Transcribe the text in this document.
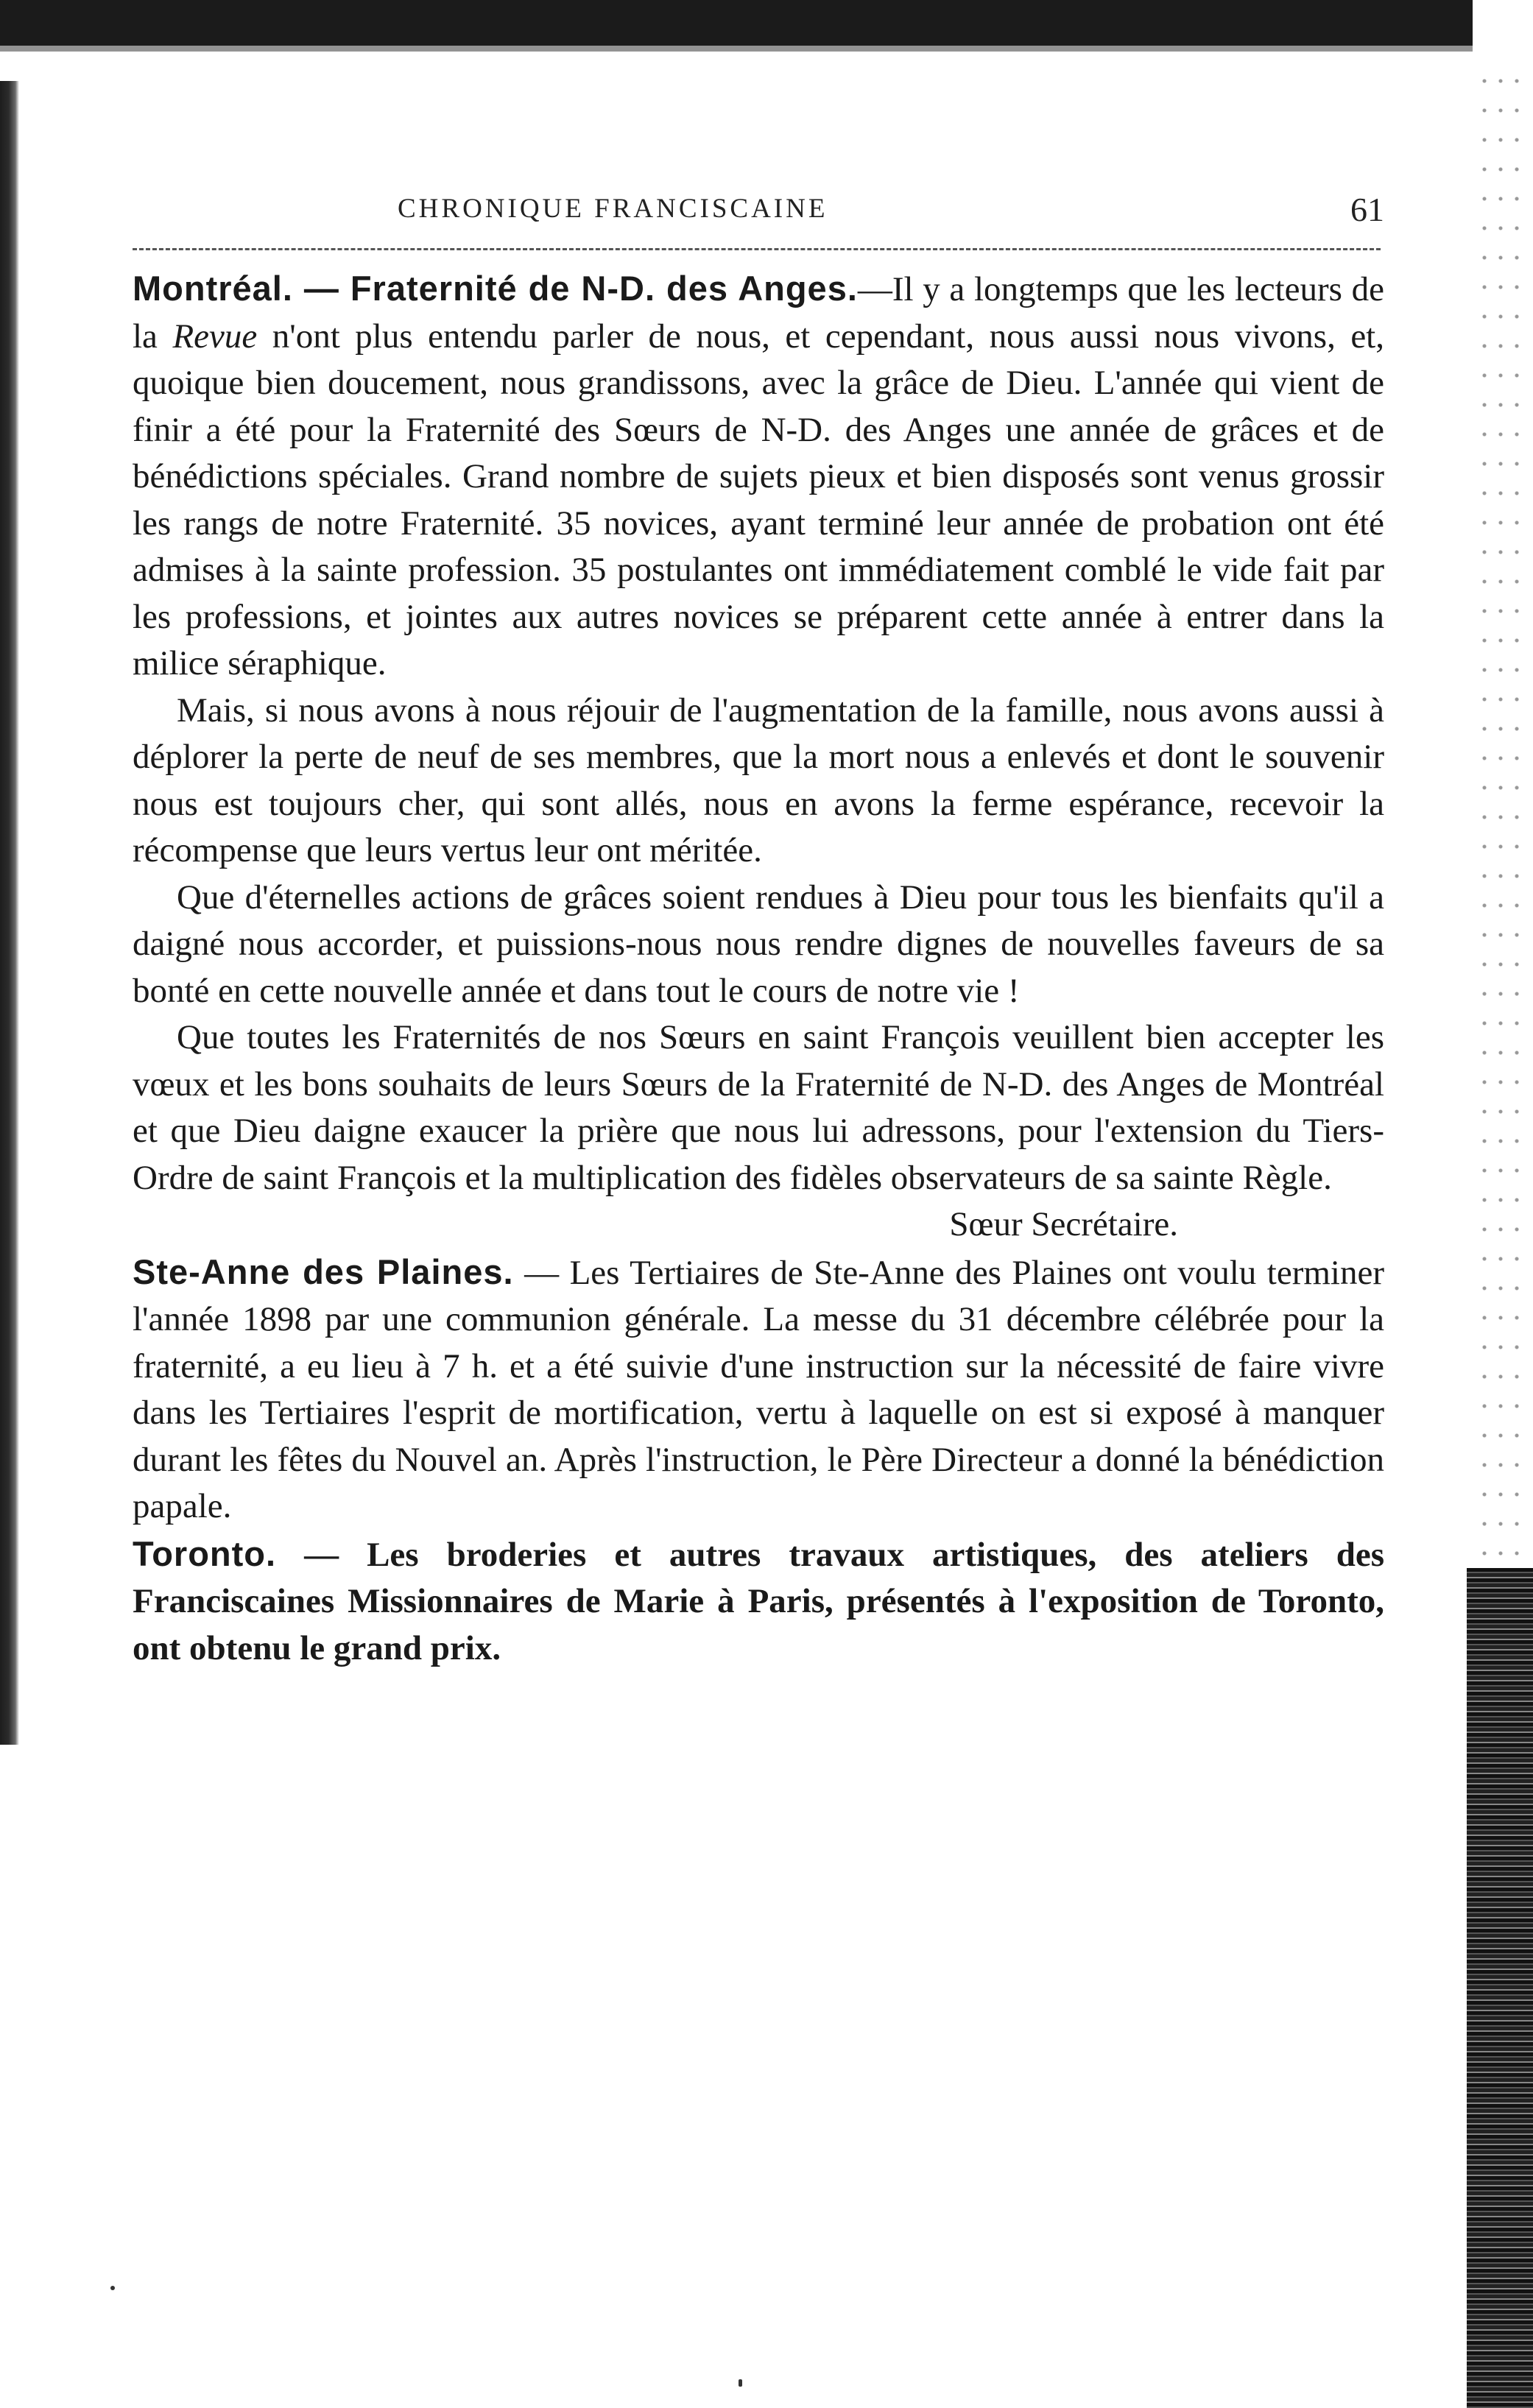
CHRONIQUE FRANCISCAINE	61

Montréal. — Fraternité de N-D. des Anges.—Il y a longtemps que les lecteurs de la Revue n'ont plus entendu parler de nous, et cependant, nous aussi nous vivons, et, quoique bien doucement, nous grandissons, avec la grâce de Dieu. L'année qui vient de finir a été pour la Fraternité des Sœurs de N-D. des Anges une année de grâces et de bénédictions spéciales. Grand nombre de sujets pieux et bien disposés sont venus grossir les rangs de notre Fraternité. 35 novices, ayant terminé leur année de probation ont été admises à la sainte profession. 35 postulantes ont immédiatement comblé le vide fait par les professions, et jointes aux autres novices se préparent cette année à entrer dans la milice séraphique.

Mais, si nous avons à nous réjouir de l'augmentation de la famille, nous avons aussi à déplorer la perte de neuf de ses membres, que la mort nous a enlevés et dont le souvenir nous est toujours cher, qui sont allés, nous en avons la ferme espérance, recevoir la récompense que leurs vertus leur ont méritée.

Que d'éternelles actions de grâces soient rendues à Dieu pour tous les bienfaits qu'il a daigné nous accorder, et puissions-nous nous rendre dignes de nouvelles faveurs de sa bonté en cette nouvelle année et dans tout le cours de notre vie !

Que toutes les Fraternités de nos Sœurs en saint François veuillent bien accepter les vœux et les bons souhaits de leurs Sœurs de la Fraternité de N-D. des Anges de Montréal et que Dieu daigne exaucer la prière que nous lui adressons, pour l'extension du Tiers-Ordre de saint François et la multiplication des fidèles observateurs de sa sainte Règle.

Sœur Secrétaire.

Ste-Anne des Plaines. — Les Tertiaires de Ste-Anne des Plaines ont voulu terminer l'année 1898 par une communion générale. La messe du 31 décembre célébrée pour la fraternité, a eu lieu à 7 h. et a été suivie d'une instruction sur la nécessité de faire vivre dans les Tertiaires l'esprit de mortification, vertu à laquelle on est si exposé à manquer durant les fêtes du Nouvel an. Après l'instruction, le Père Directeur a donné la bénédiction papale.

Toronto. — Les broderies et autres travaux artistiques, des ateliers des Franciscaines Missionnaires de Marie à Paris, présentés à l'exposition de Toronto, ont obtenu le grand prix.
